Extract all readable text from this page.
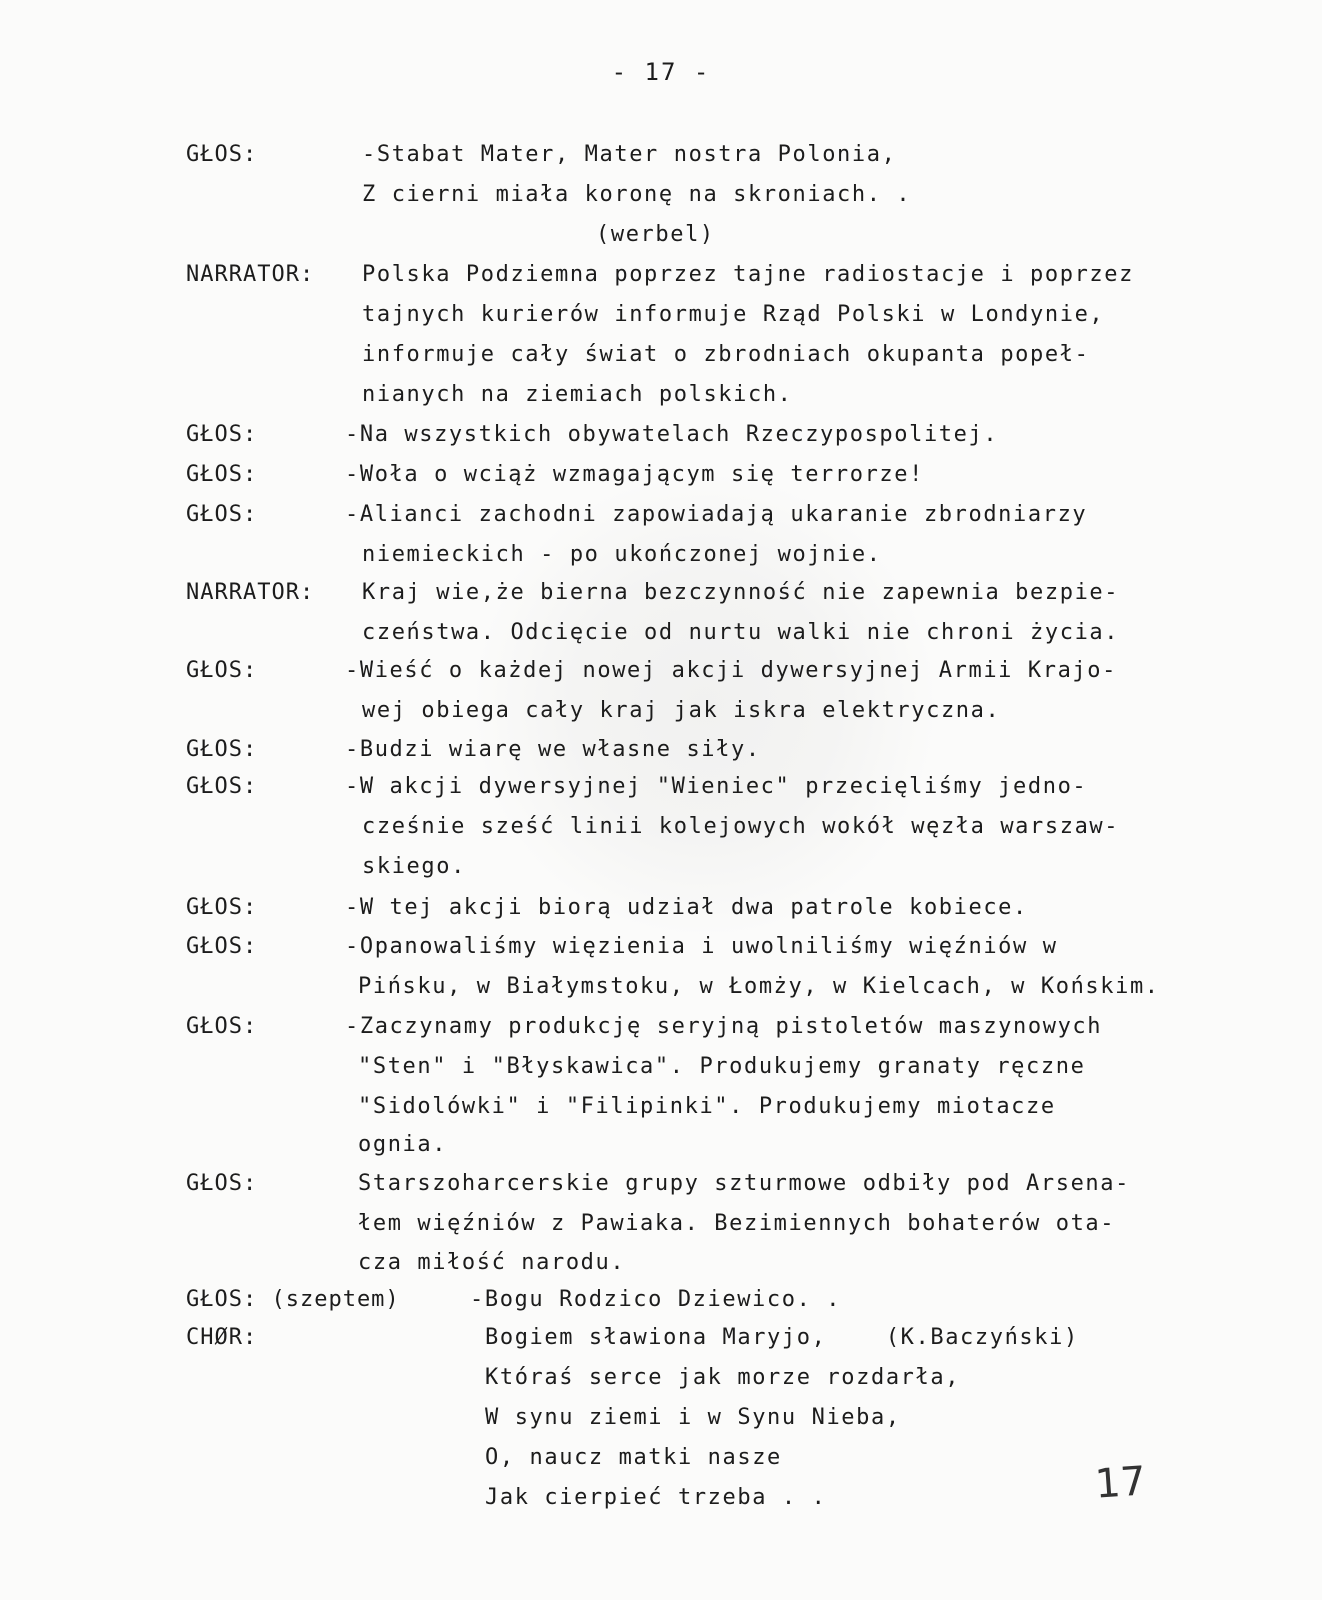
- 17 -
GŁOS:	-Stabat Mater, Mater nostra Polonia,
Z cierni miała koronę na skroniach. .
(werbel)
NARRATOR: Polska Podziemna poprzez tajne radiostacje i poprzez
tajnych kurierów informuje Rząd Polski w Londynie,
informuje cały świat o zbrodniach okupanta popeł-
nianych na ziemiach polskich.
GŁOS:	-Na wszystkich obywatelach Rzeczypospolitej.
GŁOS:	-Woła o wciąż wzmagającym się terrorze!
GŁOS:	-Alianci zachodni zapowiadają ukaranie zbrodniarzy
niemieckich - po ukończonej wojnie.
NARRATOR: Kraj wie,że bierna bezczynność nie zapewnia bezpie-
czeństwa. Odcięcie od nurtu walki nie chroni życia.
GŁOS:	-Wieść o każdej nowej akcji dywersyjnej Armii Krajo-
wej obiega cały kraj jak iskra elektryczna.
GŁOS:	-Budzi wiarę we własne siły.
GŁOS:	-W akcji dywersyjnej "Wieniec" przecięliśmy jedno-
cześnie sześć linii kolejowych wokół węzła warszaw-
skiego.
GŁOS:	-W tej akcji biorą udział dwa patrole kobiece.
GŁOS:	-Opanowaliśmy więzienia i uwolniliśmy więźniów w
Pińsku, w Białymstoku, w Łomży, w Kielcach, w Końskim.
GŁOS:	-Zaczynamy produkcję seryjną pistoletów maszynowych
"Sten" i "Błyskawica". Produkujemy granaty ręczne
"Sidolówki" i "Filipinki". Produkujemy miotacze
ognia.
GŁOS:	Starszoharcerskie grupy szturmowe odbiły pod Arsena-
łem więźniów z Pawiaka. Bezimiennych bohaterów ota-
cza miłość narodu.
GŁOS: (szeptem)	-Bogu Rodzico Dziewico. .
CHØR:	Bogiem sławiona Maryjo,    (K.Baczyński)
Któraś serce jak morze rozdarła,
W synu ziemi i w Synu Nieba,
O, naucz matki nasze
Jak cierpieć trzeba . .	17
